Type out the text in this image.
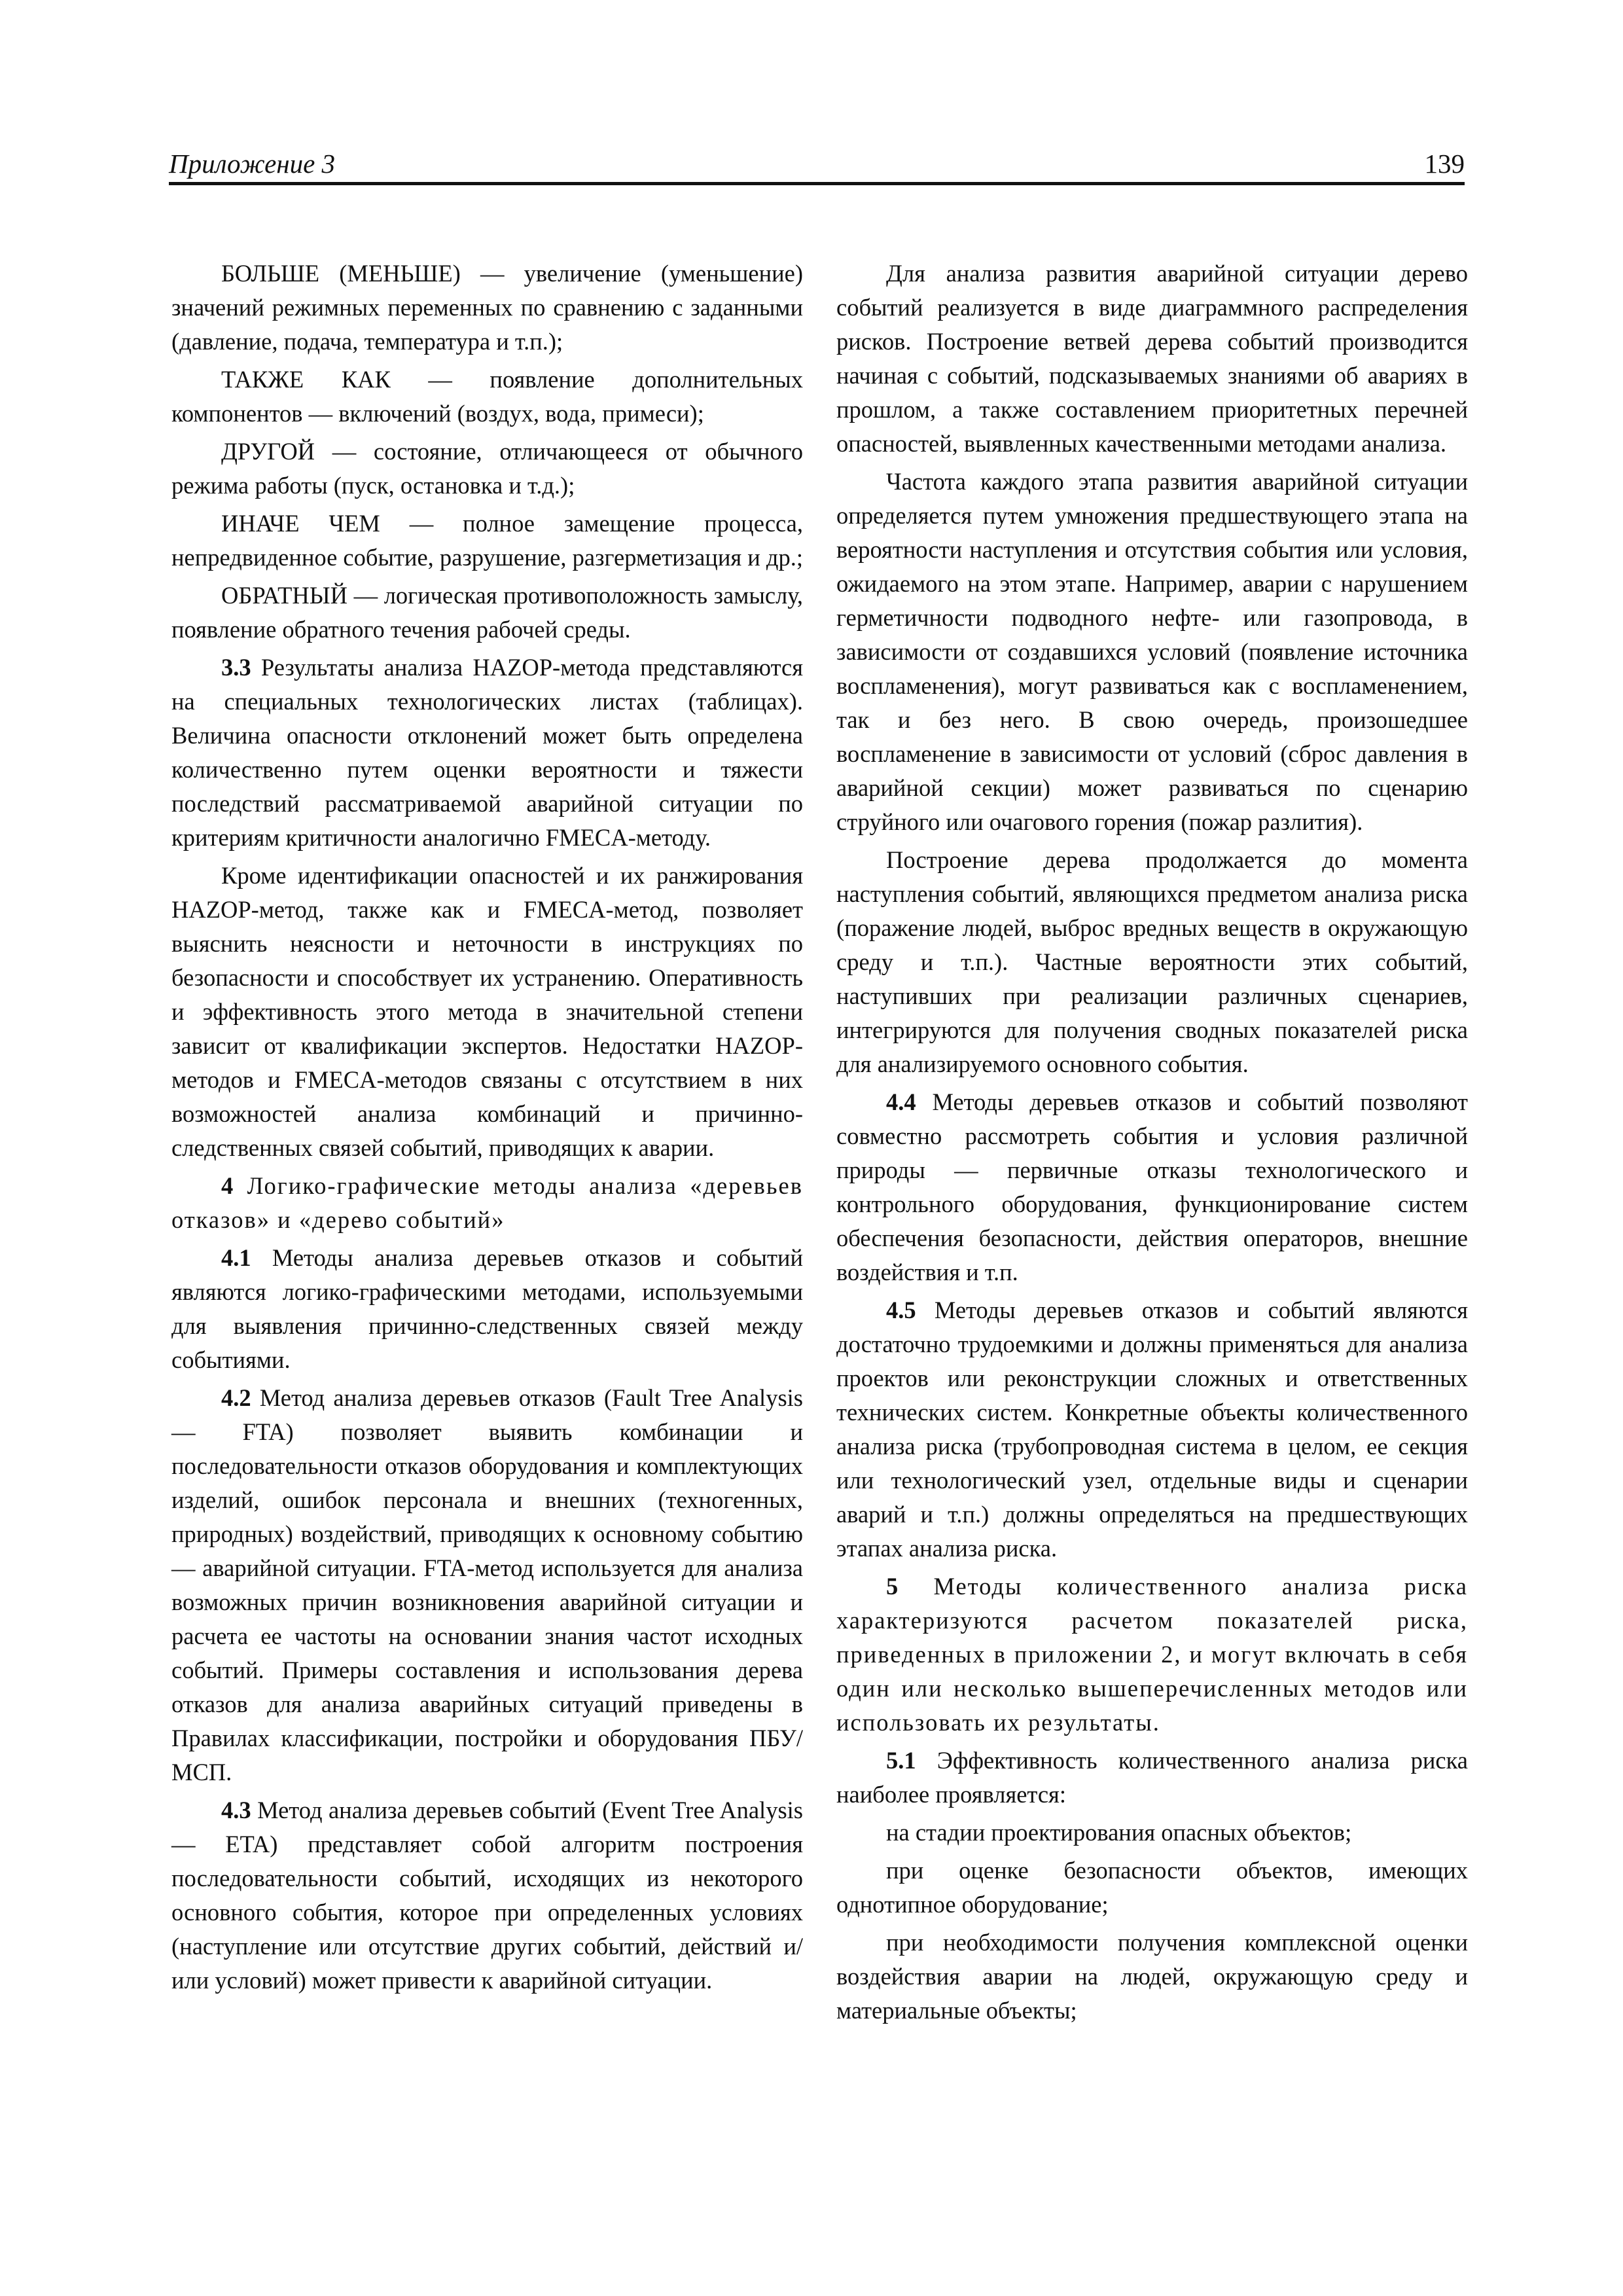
Приложение 3	139

БОЛЬШЕ (МЕНЬШЕ) — увеличение (уменьшение) значений режимных переменных по сравнению с заданными (давление, подача, температура и т.п.);

ТАКЖЕ КАК — появление дополнительных компонентов — включений (воздух, вода, примеси);

ДРУГОЙ — состояние, отличающееся от обычного режима работы (пуск, остановка и т.д.);

ИНАЧЕ ЧЕМ — полное замещение процесса, непредвиденное событие, разрушение, разгерметизация и др.;

ОБРАТНЫЙ — логическая противоположность замыслу, появление обратного течения рабочей среды.

3.3 Результаты анализа HAZOP-метода представляются на специальных технологических листах (таблицах). Величина опасности отклонений может быть определена количественно путем оценки вероятности и тяжести последствий рассматриваемой аварийной ситуации по критериям критичности аналогично FMECA-методу.

Кроме идентификации опасностей и их ранжирования HAZOP-метод, также как и FMECA-метод, позволяет выяснить неясности и неточности в инструкциях по безопасности и способствует их устранению. Оперативность и эффективность этого метода в значительной степени зависит от квалификации экспертов. Недостатки HAZOP-методов и FMECA-методов связаны с отсутствием в них возможностей анализа комбинаций и причинно-следственных связей событий, приводящих к аварии.

4 Логико-графические методы анализа «деревьев отказов» и «дерево событий»

4.1 Методы анализа деревьев отказов и событий являются логико-графическими методами, используемыми для выявления причинно-следственных связей между событиями.

4.2 Метод анализа деревьев отказов (Fault Tree Analysis — FTA) позволяет выявить комбинации и последовательности отказов оборудования и комплектующих изделий, ошибок персонала и внешних (техногенных, природных) воздействий, приводящих к основному событию — аварийной ситуации. FTA-метод используется для анализа возможных причин возникновения аварийной ситуации и расчета ее частоты на основании знания частот исходных событий. Примеры составления и использования дерева отказов для анализа аварийных ситуаций приведены в Правилах классификации, постройки и оборудования ПБУ/МСП.

4.3 Метод анализа деревьев событий (Event Tree Analysis — ETA) представляет собой алгоритм построения последовательности событий, исходящих из некоторого основного события, которое при определенных условиях (наступление или отсутствие других событий, действий и/или условий) может привести к аварийной ситуации.

Для анализа развития аварийной ситуации дерево событий реализуется в виде диаграммного распределения рисков. Построение ветвей дерева событий производится начиная с событий, подсказываемых знаниями об авариях в прошлом, а также составлением приоритетных перечней опасностей, выявленных качественными методами анализа.

Частота каждого этапа развития аварийной ситуации определяется путем умножения предшествующего этапа на вероятности наступления и отсутствия события или условия, ожидаемого на этом этапе. Например, аварии с нарушением герметичности подводного нефте- или газопровода, в зависимости от создавшихся условий (появление источника воспламенения), могут развиваться как с воспламенением, так и без него. В свою очередь, произошедшее воспламенение в зависимости от условий (сброс давления в аварийной секции) может развиваться по сценарию струйного или очагового горения (пожар разлития).

Построение дерева продолжается до момента наступления событий, являющихся предметом анализа риска (поражение людей, выброс вредных веществ в окружающую среду и т.п.). Частные вероятности этих событий, наступивших при реализации различных сценариев, интегрируются для получения сводных показателей риска для анализируемого основного события.

4.4 Методы деревьев отказов и событий позволяют совместно рассмотреть события и условия различной природы — первичные отказы технологического и контрольного оборудования, функционирование систем обеспечения безопасности, действия операторов, внешние воздействия и т.п.

4.5 Методы деревьев отказов и событий являются достаточно трудоемкими и должны применяться для анализа проектов или реконструкции сложных и ответственных технических систем. Конкретные объекты количественного анализа риска (трубопроводная система в целом, ее секция или технологический узел, отдельные виды и сценарии аварий и т.п.) должны определяться на предшествующих этапах анализа риска.

5 Методы количественного анализа риска характеризуются расчетом показателей риска, приведенных в приложении 2, и могут включать в себя один или несколько вышеперечисленных методов или использовать их результаты.

5.1 Эффективность количественного анализа риска наиболее проявляется:

на стадии проектирования опасных объектов;

при оценке безопасности объектов, имеющих однотипное оборудование;

при необходимости получения комплексной оценки воздействия аварии на людей, окружающую среду и материальные объекты;
